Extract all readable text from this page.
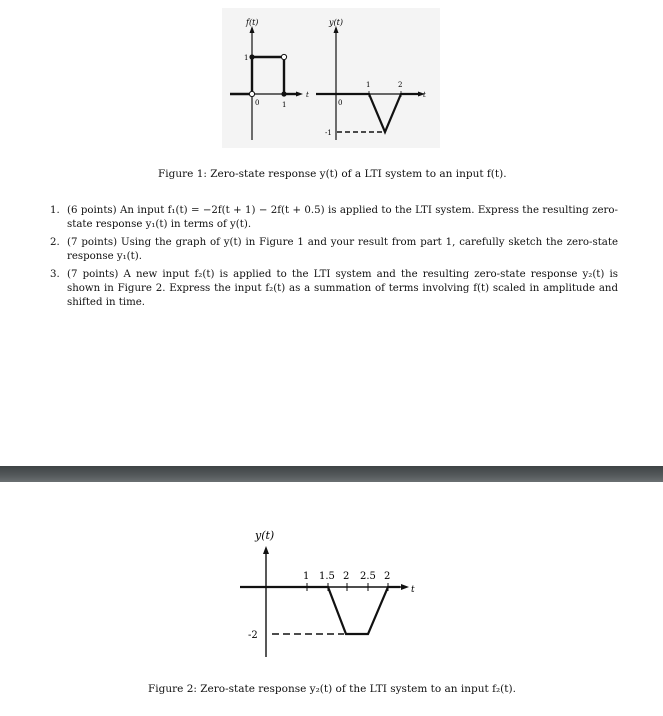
f(t)
t
1
0	1
y(t)
t
0
1	2
-1
Figure 1: Zero-state response y(t) of a LTI system to an input f(t).
1. (6 points) An input f₁(t) = −2f(t + 1) − 2f(t + 0.5) is applied to the LTI system. Express the resulting zero-state response y₁(t) in terms of y(t).
2. (7 points) Using the graph of y(t) in Figure 1 and your result from part 1, carefully sketch the zero-state response y₁(t).
3. (7 points) A new input f₂(t) is applied to the LTI system and the resulting zero-state response y₂(t) is shown in Figure 2. Express the input f₂(t) as a summation of terms involving f(t) scaled in amplitude and shifted in time.
y(t)
t
1 1.5 2 2.5 2
-2
Figure 2: Zero-state response y₂(t) of the LTI system to an input f₂(t).
